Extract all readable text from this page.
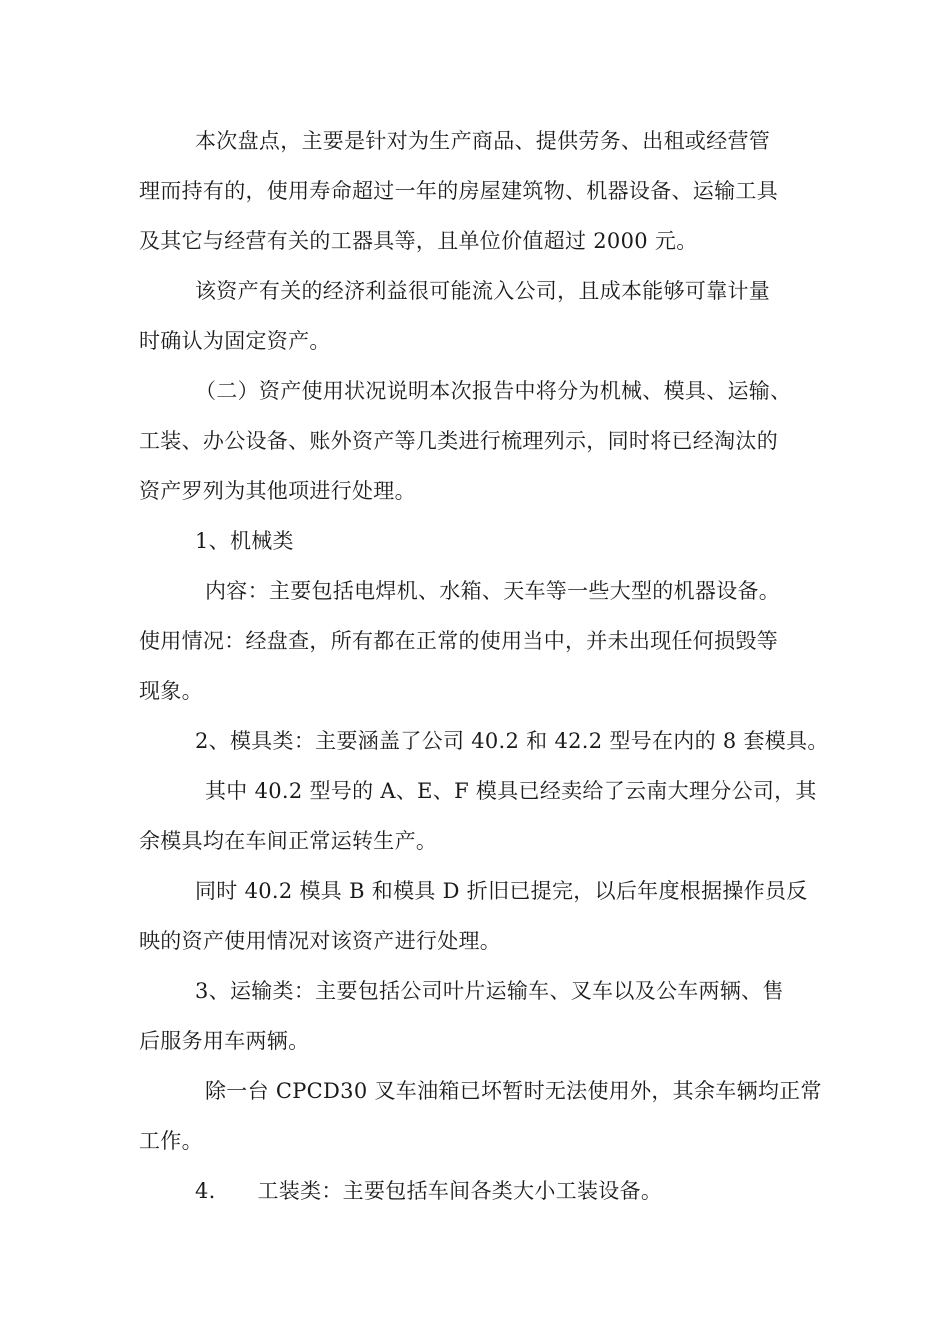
本次盘点，主要是针对为生产商品、提供劳务、出租或经营管
理而持有的，使用寿命超过一年的房屋建筑物、机器设备、运输工具
及其它与经营有关的工器具等，且单位价值超过 2000 元。
该资产有关的经济利益很可能流入公司，且成本能够可靠计量
时确认为固定资产。
（二）资产使用状况说明本次报告中将分为机械、模具、运输、
工装、办公设备、账外资产等几类进行梳理列示，同时将已经淘汰的
资产罗列为其他项进行处理。
1、机械类
内容：主要包括电焊机、水箱、天车等一些大型的机器设备。
使用情况：经盘查，所有都在正常的使用当中，并未出现任何损毁等
现象。
2、模具类：主要涵盖了公司 40.2 和 42.2 型号在内的 8 套模具。
其中 40.2 型号的 A、E、F 模具已经卖给了云南大理分公司，其
余模具均在车间正常运转生产。
同时 40.2 模具 B 和模具 D 折旧已提完，以后年度根据操作员反
映的资产使用情况对该资产进行处理。
3、运输类：主要包括公司叶片运输车、叉车以及公车两辆、售
后服务用车两辆。
除一台 CPCD30 叉车油箱已坏暂时无法使用外，其余车辆均正常
工作。
4.      工装类：主要包括车间各类大小工装设备。
